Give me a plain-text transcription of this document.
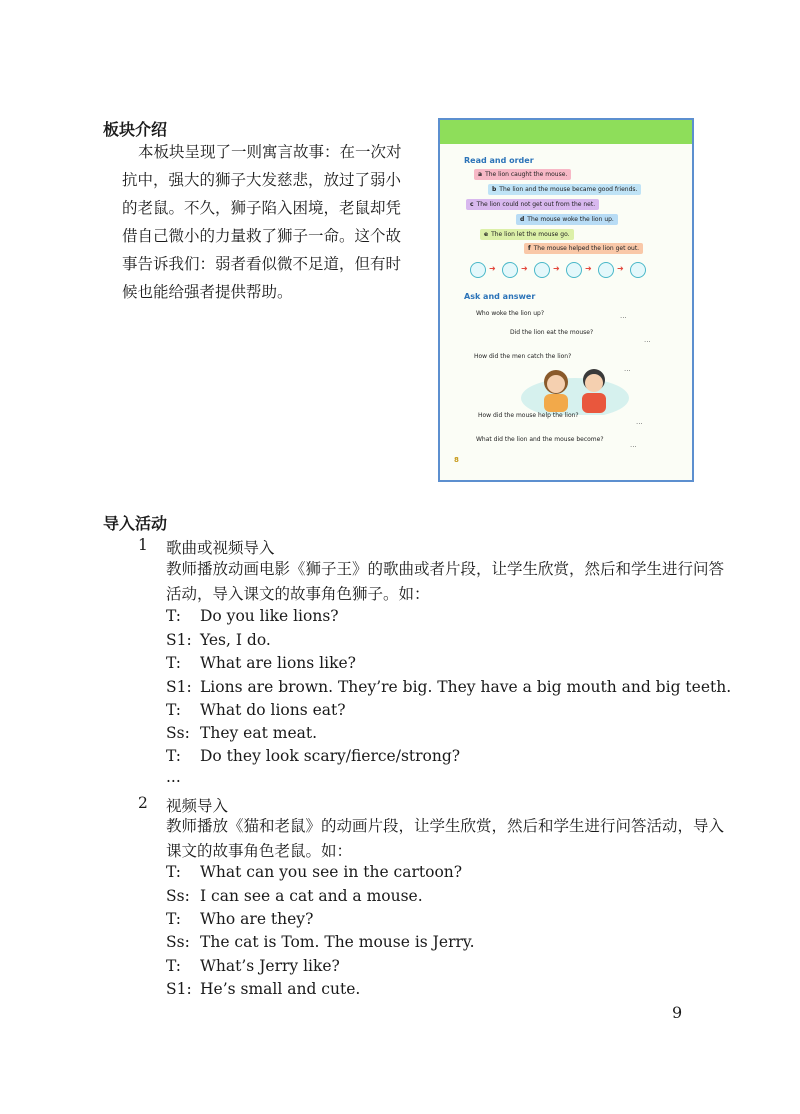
板块介绍
本板块呈现了一则寓言故事：在一次对
抗中，强大的狮子大发慈悲，放过了弱小
的老鼠。不久，狮子陷入困境，老鼠却凭
借自己微小的力量救了狮子一命。这个故
事告诉我们：弱者看似微不足道，但有时
候也能给强者提供帮助。
Read and order
a The lion caught the mouse.
b The lion and the mouse became good friends.
c The lion could not get out from the net.
d The mouse woke the lion up.
e The lion let the mouse go.
f The mouse helped the lion get out.
➜	➜	➜	➜	➜
Ask and answer
Who woke the lion up?	...
Did the lion eat the mouse?
...
How did the men catch the lion?
...
How did the mouse help the lion?
...
What did the lion and the mouse become?
...
8
导入活动
1 歌曲或视频导入
教师播放动画电影《狮子王》的歌曲或者片段，让学生欣赏，然后和学生进行问答
活动，导入课文的故事角色狮子。如：
T: Do you like lions?
S1: Yes, I do.
T: What are lions like?
S1: Lions are brown. They’re big. They have a big mouth and big teeth.
T: What do lions eat?
Ss: They eat meat.
T: Do they look scary/fierce/strong?
...
2 视频导入
教师播放《猫和老鼠》的动画片段，让学生欣赏，然后和学生进行问答活动，导入
课文的故事角色老鼠。如：
T: What can you see in the cartoon?
Ss: I can see a cat and a mouse.
T: Who are they?
Ss: The cat is Tom. The mouse is Jerry.
T: What’s Jerry like?
S1: He’s small and cute.
9
